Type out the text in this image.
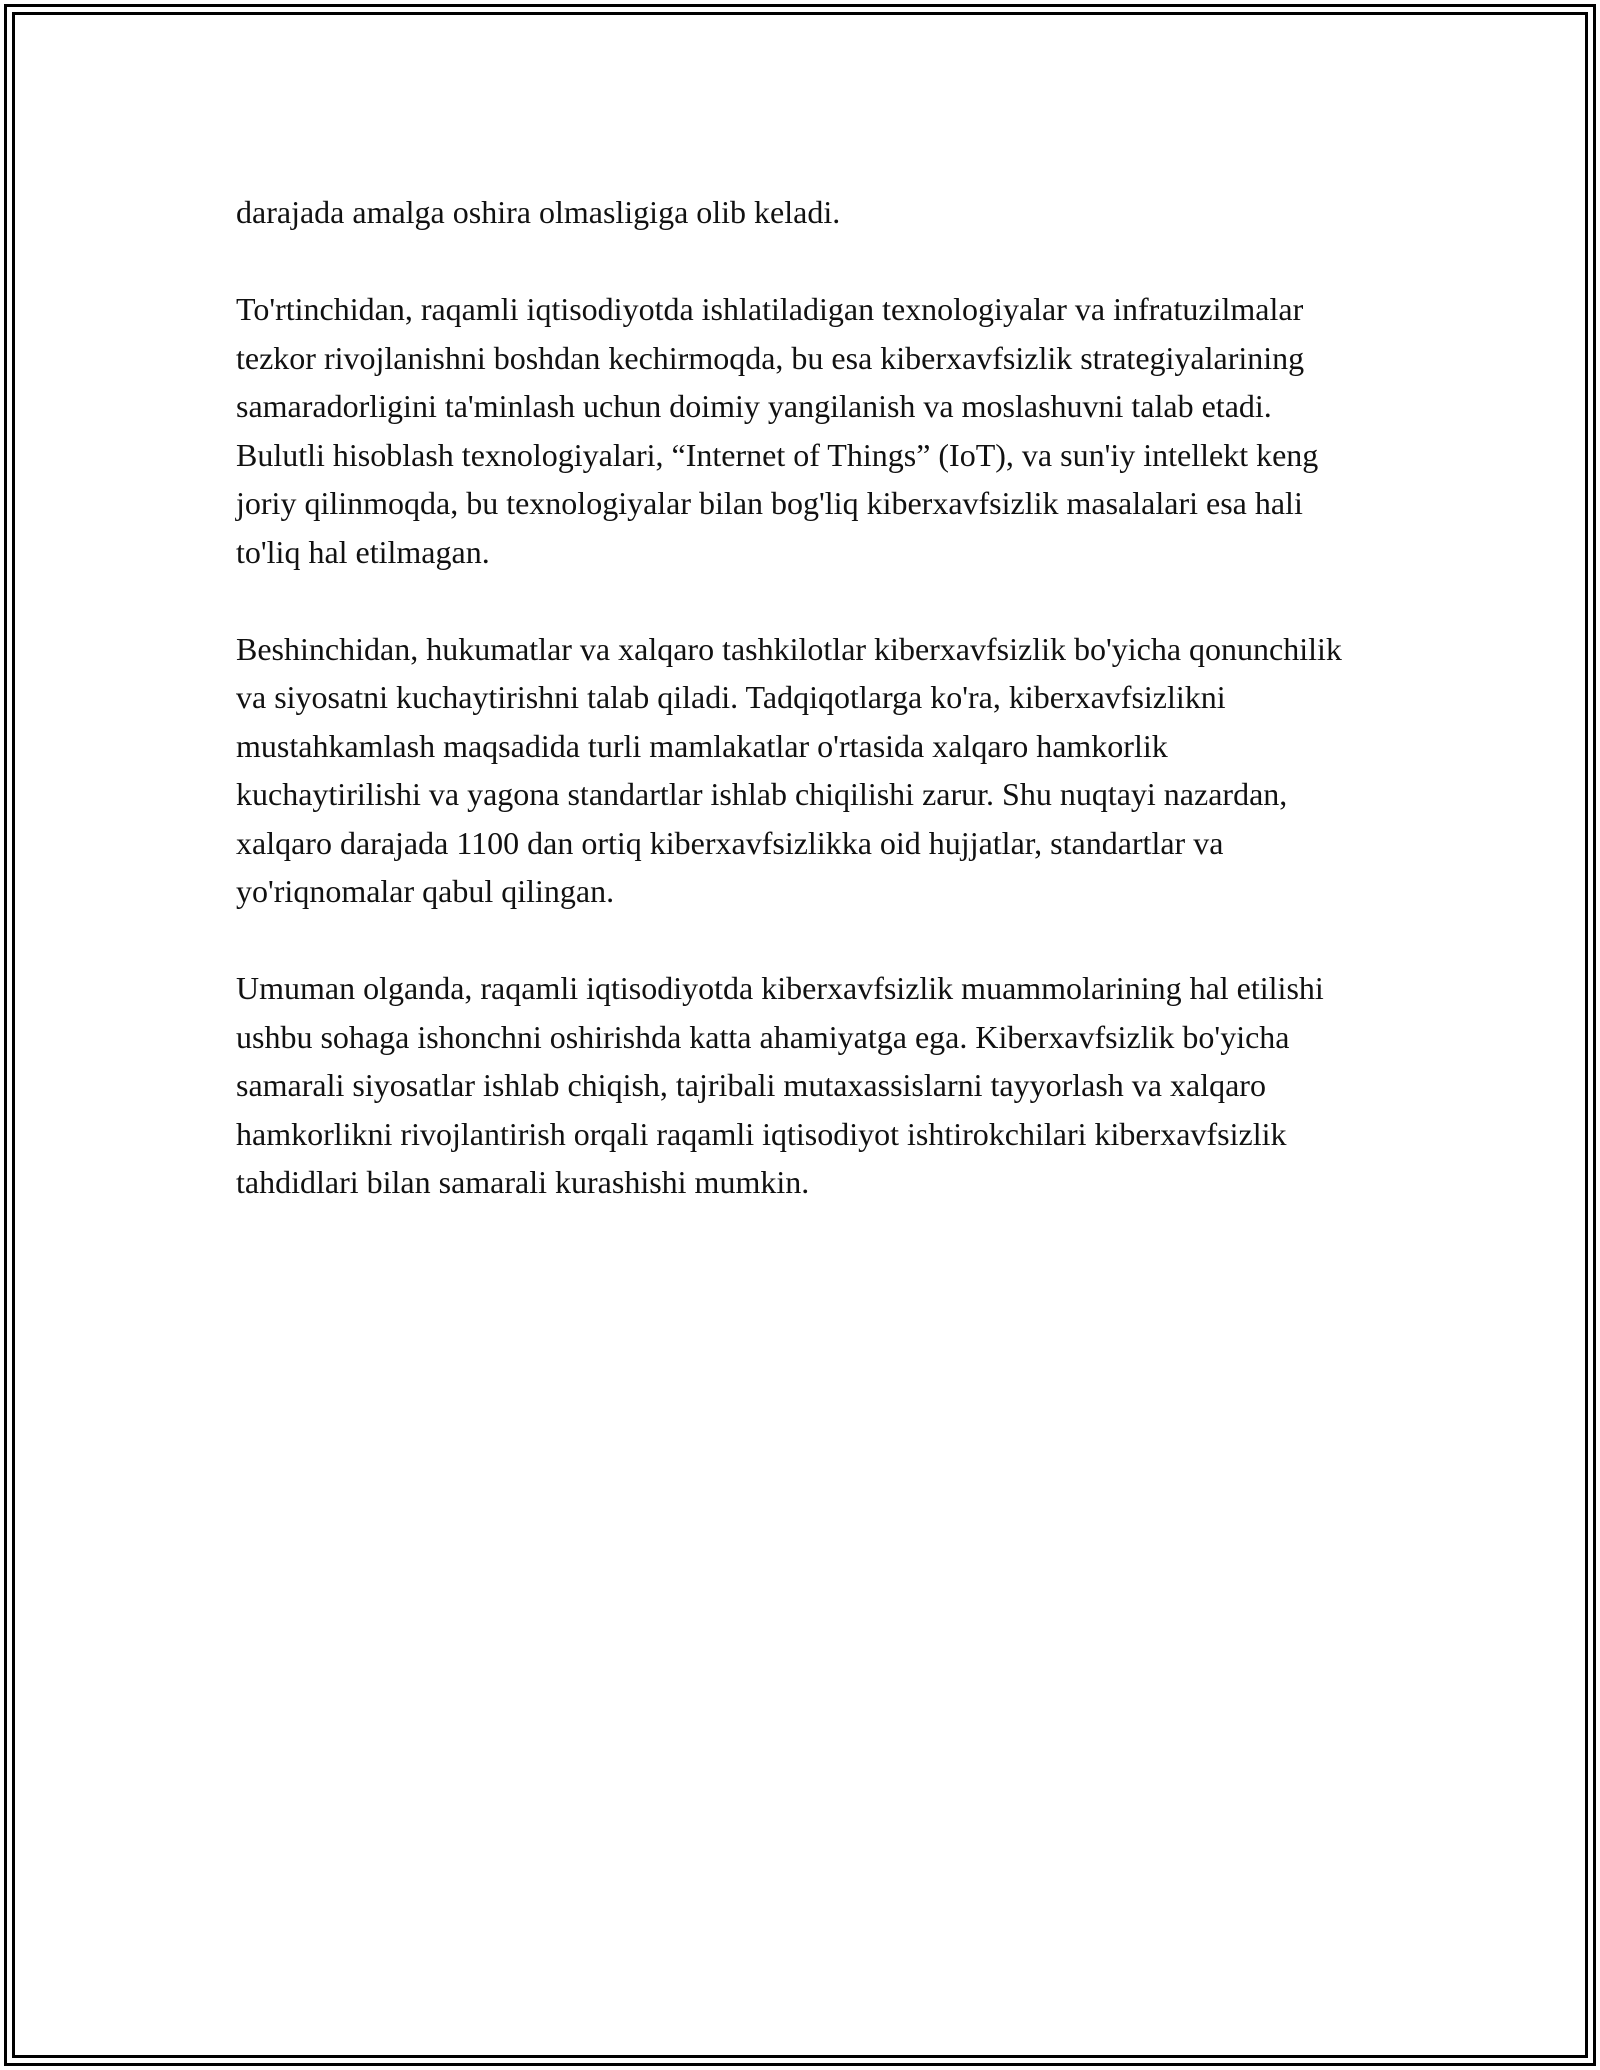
darajada amalga oshira olmasligiga olib keladi.

To'rtinchidan, raqamli iqtisodiyotda ishlatiladigan texnologiyalar va infratuzilmalar tezkor rivojlanishni boshdan kechirmoqda, bu esa kiberxavfsizlik strategiyalarining samaradorligini ta'minlash uchun doimiy yangilanish va moslashuvni talab etadi. Bulutli hisoblash texnologiyalari, “Internet of Things” (IoT), va sun'iy intellekt keng joriy qilinmoqda, bu texnologiyalar bilan bog'liq kiberxavfsizlik masalalari esa hali to'liq hal etilmagan.

Beshinchidan, hukumatlar va xalqaro tashkilotlar kiberxavfsizlik bo'yicha qonunchilik va siyosatni kuchaytirishni talab qiladi. Tadqiqotlarga ko'ra, kiberxavfsizlikni mustahkamlash maqsadida turli mamlakatlar o'rtasida xalqaro hamkorlik kuchaytirilishi va yagona standartlar ishlab chiqilishi zarur. Shu nuqtayi nazardan, xalqaro darajada 1100 dan ortiq kiberxavfsizlikka oid hujjatlar, standartlar va yo'riqnomalar qabul qilingan.

Umuman olganda, raqamli iqtisodiyotda kiberxavfsizlik muammolarining hal etilishi ushbu sohaga ishonchni oshirishda katta ahamiyatga ega. Kiberxavfsizlik bo'yicha samarali siyosatlar ishlab chiqish, tajribali mutaxassislarni tayyorlash va xalqaro hamkorlikni rivojlantirish orqali raqamli iqtisodiyot ishtirokchilari kiberxavfsizlik tahdidlari bilan samarali kurashishi mumkin.
